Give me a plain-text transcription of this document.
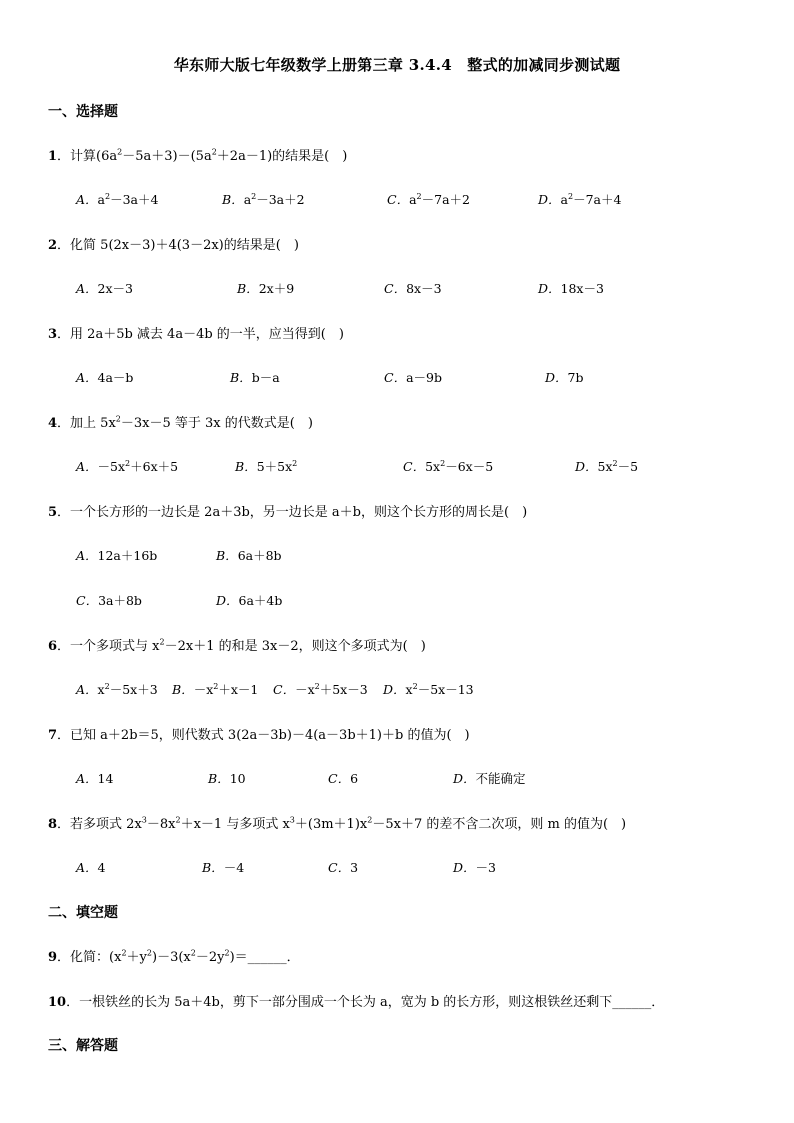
华东师大版七年级数学上册第三章 3.4.4　整式的加减同步测试题
一、选择题
1．计算$(6a^2-5a+3)-(5a^2+2a-1)$的结果是(　)
A．$a^2-3a+4$	B．$a^2-3a+2$	C．$a^2-7a+2$	D．$a^2-7a+4$
2．化简 5(2x－3)＋4(3－2x)的结果是(　)
A．2x－3	B．2x＋9	C．8x－3	D．18x－3
3．用 2a＋5b 减去 4a－4b 的一半，应当得到(　)
A．4a－b	B．b－a	C．a－9b	D．7b
4．加上 $5x^2-3x-5$ 等于 3x 的代数式是(　)
A．$-5x^2+6x+5$	B．$5+5x^2$	C．$5x^2-6x-5$	D．$5x^2-5$
5．一个长方形的一边长是 2a＋3b，另一边长是 a＋b，则这个长方形的周长是(　)
A．12a＋16b	B．6a＋8b
C．3a＋8b	D．6a＋4b
6．一个多项式与 $x^2-2x+1$ 的和是 3x－2，则这个多项式为(　)
A．$x^2-5x+3$ B．$-x^2+x-1$ C．$-x^2+5x-3$ D．$x^2-5x-13$
7．已知 a＋2b＝5，则代数式 3(2a－3b)－4(a－3b＋1)＋b 的值为(　)
A．14	B．10	C．6	D．不能确定
8．若多项式 $2x^3-8x^2+x-1$ 与多项式 $x^3+(3m+1)x^2-5x+7$ 的差不含二次项，则 m 的值为(　)
A．4	B．－4	C．3	D．－3
二、填空题
9．化简：$(x^2+y^2)-3(x^2-2y^2)=\_\_\_\_\_\_$．
10．一根铁丝的长为 5a＋4b，剪下一部分围成一个长为 a，宽为 b 的长方形，则这根铁丝还剩下______．
三、解答题
